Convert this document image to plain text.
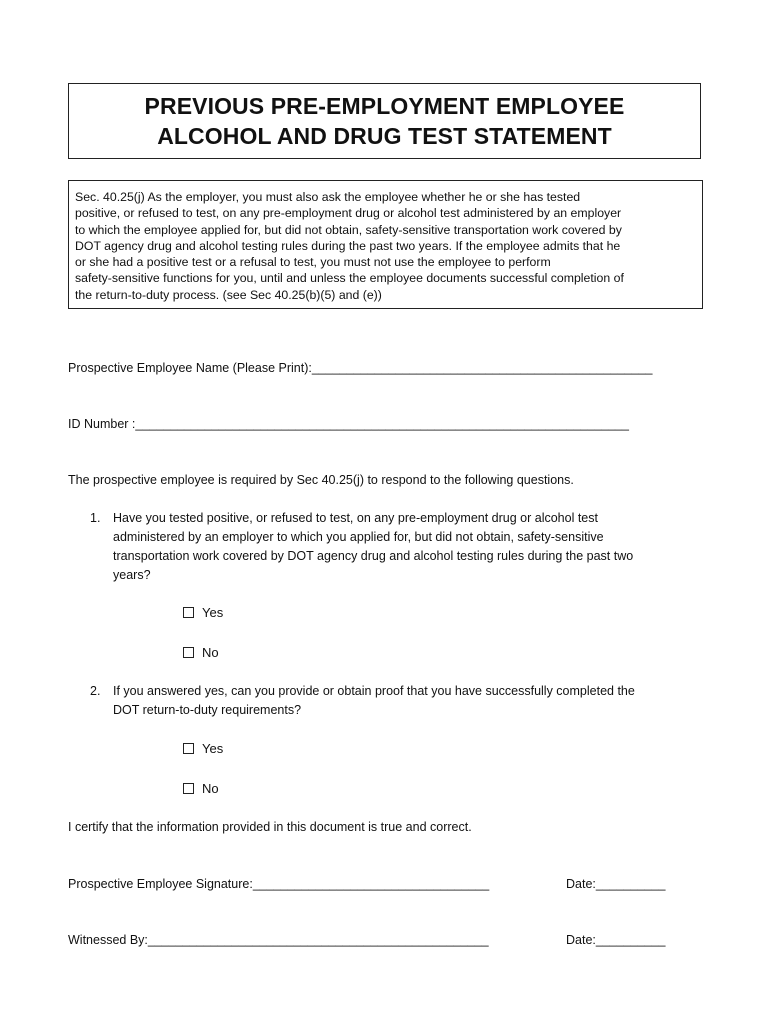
PREVIOUS PRE-EMPLOYMENT EMPLOYEE
ALCOHOL AND DRUG TEST STATEMENT
Sec. 40.25(j) As the employer, you must also ask the employee whether he or she has tested
positive, or refused to test, on any pre-employment drug or alcohol test administered by an employer
to which the employee applied for, but did not obtain, safety-sensitive transportation work covered by
DOT agency drug and alcohol testing rules during the past two years. If the employee admits that he
or she had a positive test or a refusal to test, you must not use the employee to perform
safety-sensitive functions for you, until and unless the employee documents successful completion of
the return-to-duty process. (see Sec 40.25(b)(5) and (e))
Prospective Employee Name (Please Print):_________________________________________________
ID Number :_______________________________________________________________________
The prospective employee is required by Sec 40.25(j) to respond to the following questions.
1. Have you tested positive, or refused to test, on any pre-employment drug or alcohol test
administered by an employer to which you applied for, but did not obtain, safety-sensitive
transportation work covered by DOT agency drug and alcohol testing rules during the past two
years?
Yes
No
2. If you answered yes, can you provide or obtain proof that you have successfully completed the
DOT return-to-duty requirements?
Yes
No
I certify that the information provided in this document is true and correct.
Prospective Employee Signature:__________________________________	Date:__________
Witnessed By:_________________________________________________	Date:__________
